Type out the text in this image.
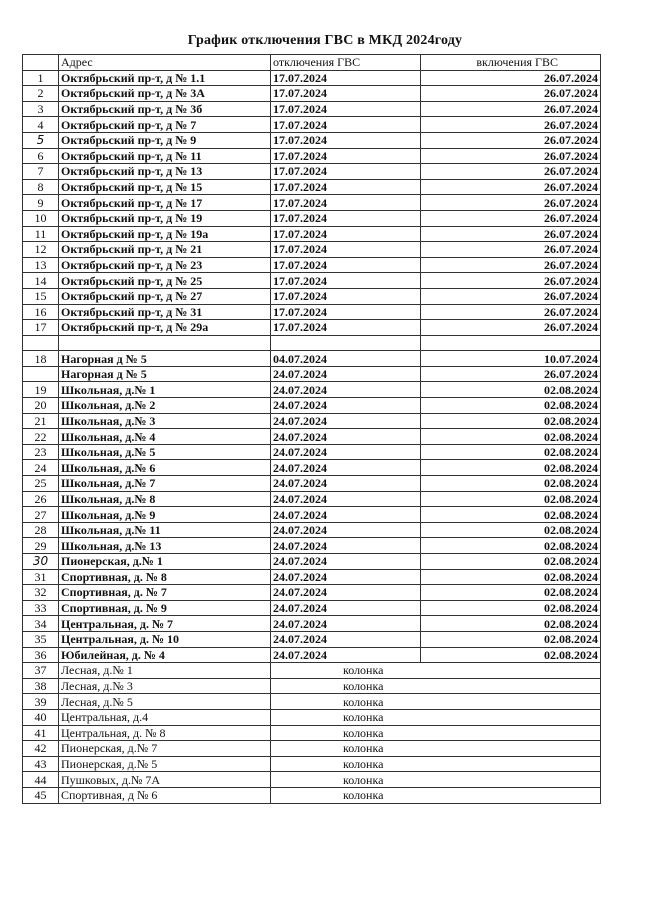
График отключения ГВС в МКД 2024году
	Адрес	отключения ГВС	включения ГВС
1	Октябрьский пр-т, д № 1.1	17.07.2024	26.07.2024
2	Октябрьский пр-т, д № 3А	17.07.2024	26.07.2024
3	Октябрьский пр-т, д № 3б	17.07.2024	26.07.2024
4	Октябрьский пр-т, д № 7	17.07.2024	26.07.2024
5	Октябрьский пр-т, д № 9	17.07.2024	26.07.2024
6	Октябрьский пр-т, д № 11	17.07.2024	26.07.2024
7	Октябрьский пр-т, д № 13	17.07.2024	26.07.2024
8	Октябрьский пр-т, д № 15	17.07.2024	26.07.2024
9	Октябрьский пр-т, д № 17	17.07.2024	26.07.2024
10	Октябрьский пр-т, д № 19	17.07.2024	26.07.2024
11	Октябрьский пр-т, д № 19а	17.07.2024	26.07.2024
12	Октябрьский пр-т, д № 21	17.07.2024	26.07.2024
13	Октябрьский пр-т, д № 23	17.07.2024	26.07.2024
14	Октябрьский пр-т, д № 25	17.07.2024	26.07.2024
15	Октябрьский пр-т, д № 27	17.07.2024	26.07.2024
16	Октябрьский пр-т, д № 31	17.07.2024	26.07.2024
17	Октябрьский пр-т, д № 29а	17.07.2024	26.07.2024

18	Нагорная д № 5	04.07.2024	10.07.2024
	Нагорная д № 5	24.07.2024	26.07.2024
19	Школьная, д.№ 1	24.07.2024	02.08.2024
20	Школьная, д.№ 2	24.07.2024	02.08.2024
21	Школьная, д.№ 3	24.07.2024	02.08.2024
22	Школьная, д.№ 4	24.07.2024	02.08.2024
23	Школьная, д.№ 5	24.07.2024	02.08.2024
24	Школьная, д.№ 6	24.07.2024	02.08.2024
25	Школьная, д.№ 7	24.07.2024	02.08.2024
26	Школьная, д.№ 8	24.07.2024	02.08.2024
27	Школьная, д.№ 9	24.07.2024	02.08.2024
28	Школьная, д.№ 11	24.07.2024	02.08.2024
29	Школьная, д.№ 13	24.07.2024	02.08.2024
30	Пионерская, д.№ 1	24.07.2024	02.08.2024
31	Спортивная, д. № 8	24.07.2024	02.08.2024
32	Спортивная, д. № 7	24.07.2024	02.08.2024
33	Спортивная, д. № 9	24.07.2024	02.08.2024
34	Центральная, д. № 7	24.07.2024	02.08.2024
35	Центральная, д. № 10	24.07.2024	02.08.2024
36	Юбилейная, д. № 4	24.07.2024	02.08.2024
37	Лесная, д.№ 1	колонка	
38	Лесная, д.№ 3	колонка	
39	Лесная, д.№ 5	колонка	
40	Центральная, д.4	колонка	
41	Центральная, д. № 8	колонка	
42	Пионерская, д.№ 7	колонка	
43	Пионерская, д.№ 5	колонка	
44	Пушковых, д.№ 7А	колонка	
45	Спортивная, д № 6	колонка	
